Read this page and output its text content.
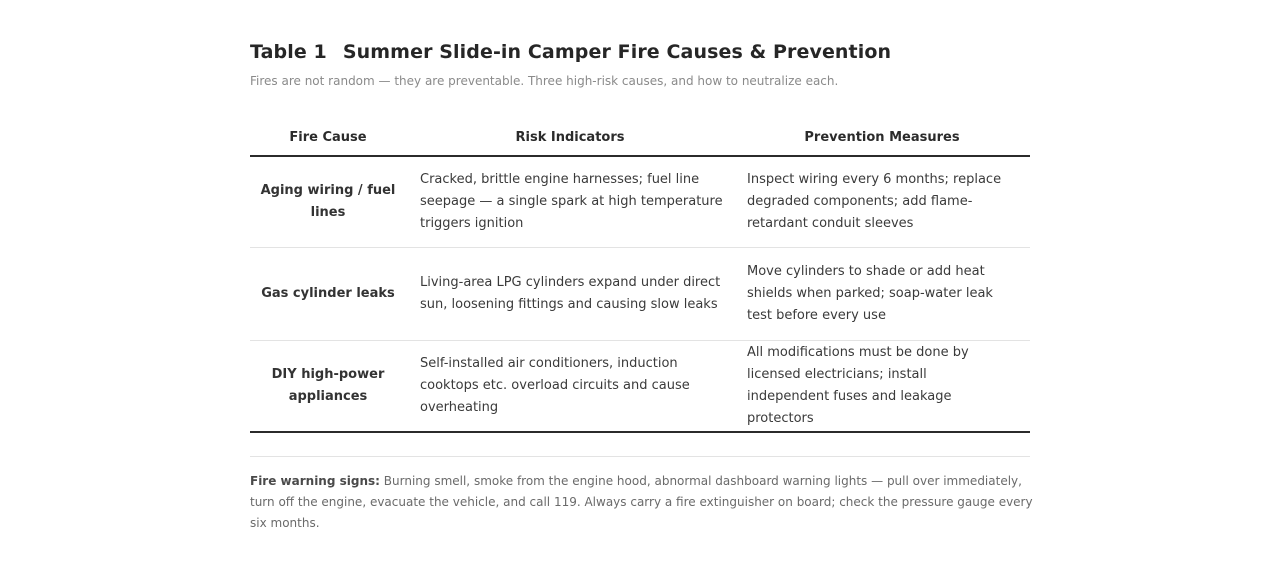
Table 1 Summer Slide-in Camper Fire Causes & Prevention
Fires are not random — they are preventable. Three high-risk causes, and how to neutralize each.
Fire Cause	Risk Indicators	Prevention Measures
Aging wiring / fuel lines	Cracked, brittle engine harnesses; fuel line seepage — a single spark at high temperature triggers ignition	Inspect wiring every 6 months; replace degraded components; add flame-retardant conduit sleeves
Gas cylinder leaks	Living-area LPG cylinders expand under direct sun, loosening fittings and causing slow leaks	Move cylinders to shade or add heat shields when parked; soap-water leak test before every use
DIY high-power appliances	Self-installed air conditioners, induction cooktops etc. overload circuits and cause overheating	All modifications must be done by licensed electricians; install independent fuses and leakage protectors
Fire warning signs: Burning smell, smoke from the engine hood, abnormal dashboard warning lights — pull over immediately, turn off the engine, evacuate the vehicle, and call 119. Always carry a fire extinguisher on board; check the pressure gauge every six months.
